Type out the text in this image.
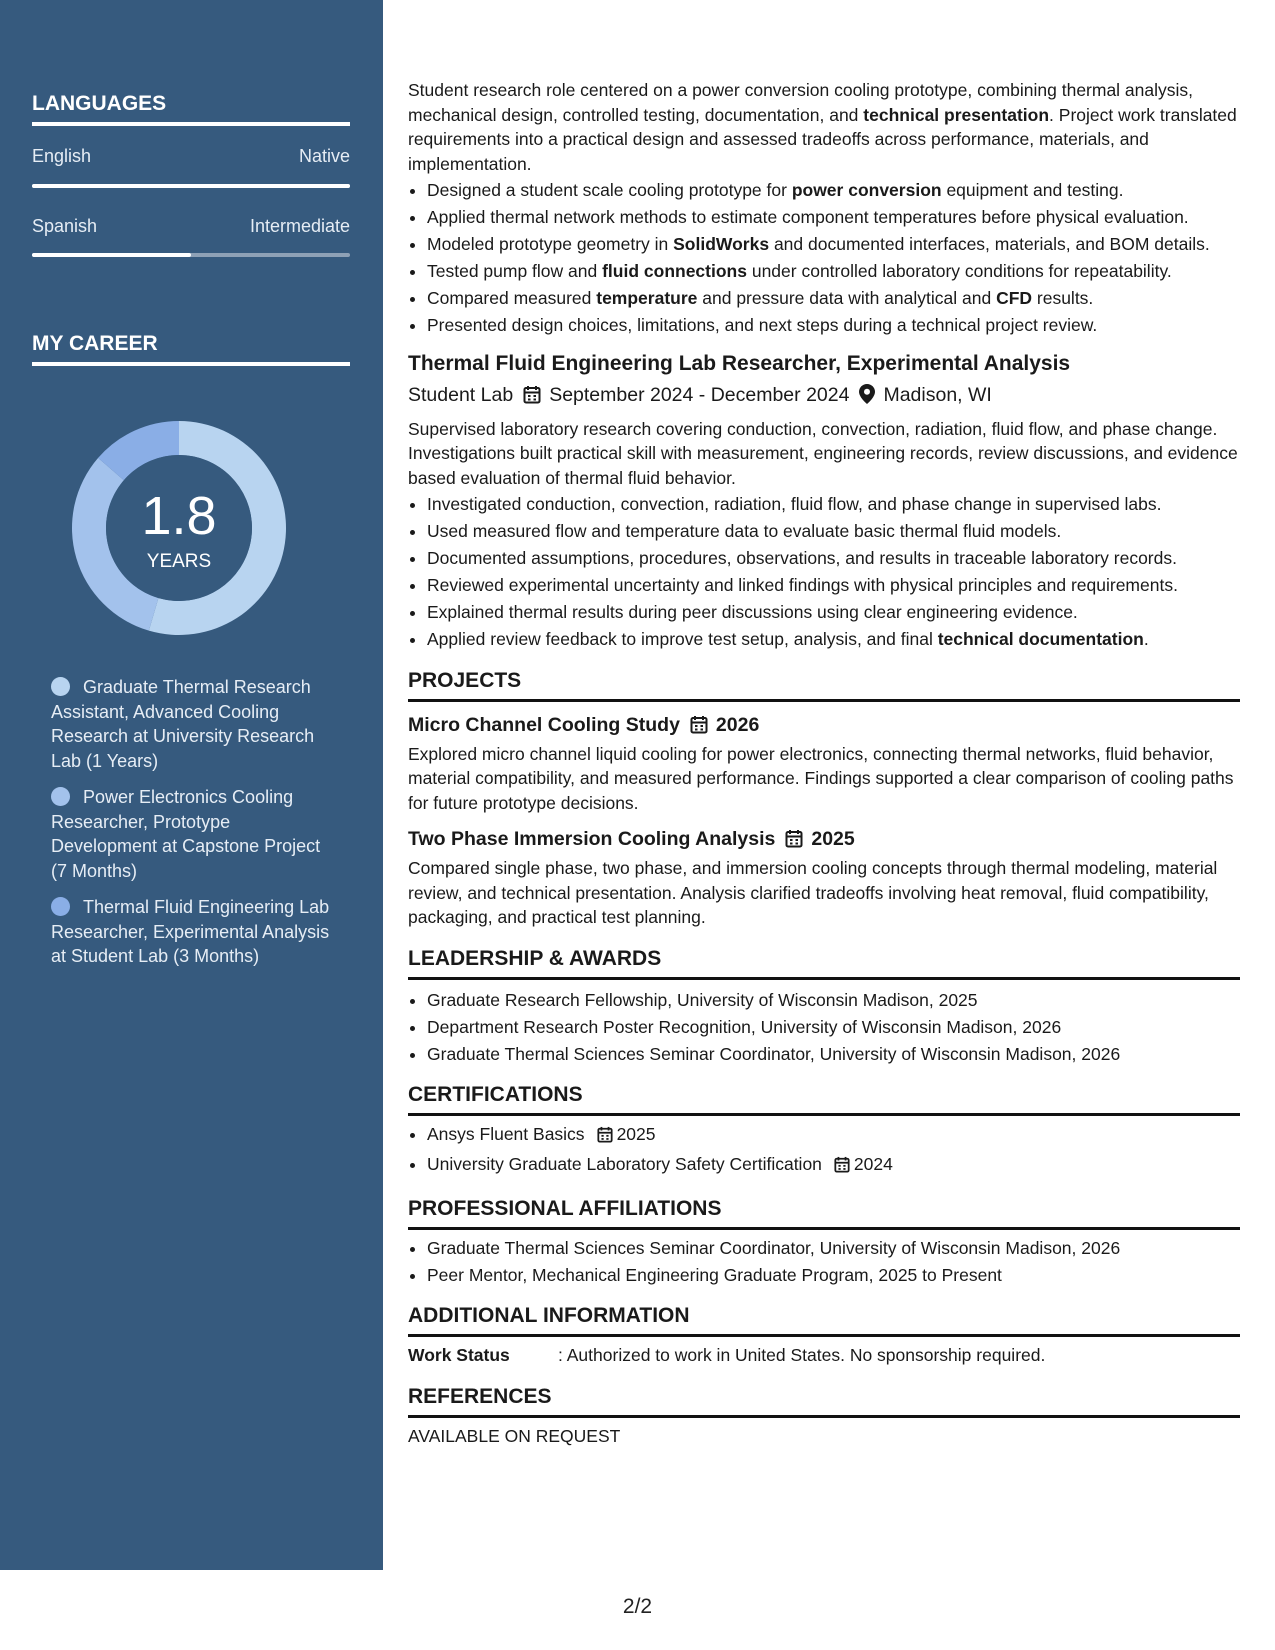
LANGUAGES
English	Native
Spanish	Intermediate
MY CAREER
1.8
YEARS
Graduate Thermal Research Assistant, Advanced Cooling Research at University Research Lab (1 Years)
Power Electronics Cooling Researcher, Prototype Development at Capstone Project (7 Months)
Thermal Fluid Engineering Lab Researcher, Experimental Analysis at Student Lab (3 Months)

Student research role centered on a power conversion cooling prototype, combining thermal analysis, mechanical design, controlled testing, documentation, and technical presentation. Project work translated requirements into a practical design and assessed tradeoffs across performance, materials, and implementation.

• Designed a student scale cooling prototype for power conversion equipment and testing.
• Applied thermal network methods to estimate component temperatures before physical evaluation.
• Modeled prototype geometry in SolidWorks and documented interfaces, materials, and BOM details.
• Tested pump flow and fluid connections under controlled laboratory conditions for repeatability.
• Compared measured temperature and pressure data with analytical and CFD results.
• Presented design choices, limitations, and next steps during a technical project review.
Thermal Fluid Engineering Lab Researcher, Experimental Analysis
Student Lab September 2024 - December 2024 Madison, WI

Supervised laboratory research covering conduction, convection, radiation, fluid flow, and phase change. Investigations built practical skill with measurement, engineering records, review discussions, and evidence based evaluation of thermal fluid behavior.

• Investigated conduction, convection, radiation, fluid flow, and phase change in supervised labs.
• Used measured flow and temperature data to evaluate basic thermal fluid models.
• Documented assumptions, procedures, observations, and results in traceable laboratory records.
• Reviewed experimental uncertainty and linked findings with physical principles and requirements.
• Explained thermal results during peer discussions using clear engineering evidence.
• Applied review feedback to improve test setup, analysis, and final technical documentation.
PROJECTS
Micro Channel Cooling Study 2026

Explored micro channel liquid cooling for power electronics, connecting thermal networks, fluid behavior, material compatibility, and measured performance. Findings supported a clear comparison of cooling paths for future prototype decisions.

Two Phase Immersion Cooling Analysis 2025

Compared single phase, two phase, and immersion cooling concepts through thermal modeling, material review, and technical presentation. Analysis clarified tradeoffs involving heat removal, fluid compatibility, packaging, and practical test planning.

LEADERSHIP & AWARDS
• Graduate Research Fellowship, University of Wisconsin Madison, 2025
• Department Research Poster Recognition, University of Wisconsin Madison, 2026
• Graduate Thermal Sciences Seminar Coordinator, University of Wisconsin Madison, 2026
CERTIFICATIONS
• Ansys Fluent Basics 2025
• University Graduate Laboratory Safety Certification 2024
PROFESSIONAL AFFILIATIONS
• Graduate Thermal Sciences Seminar Coordinator, University of Wisconsin Madison, 2026
• Peer Mentor, Mechanical Engineering Graduate Program, 2025 to Present
ADDITIONAL INFORMATION
Work Status	: Authorized to work in United States. No sponsorship required.
REFERENCES

AVAILABLE ON REQUEST

2/2
